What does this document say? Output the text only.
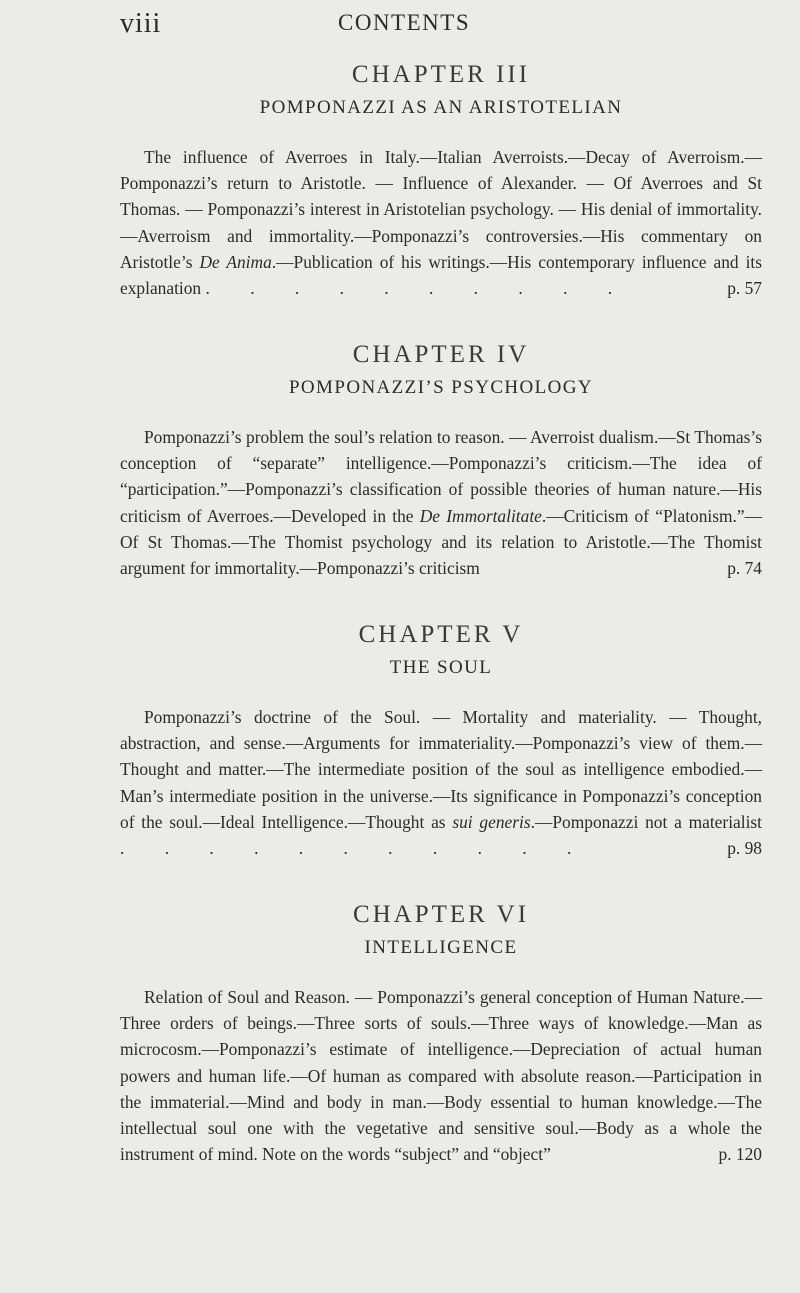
viii	CONTENTS
CHAPTER III
POMPONAZZI AS AN ARISTOTELIAN

The influence of Averroes in Italy.—Italian Averroists.—Decay of Averroism.—Pomponazzi’s return to Aristotle. — Influence of Alexander. — Of Averroes and St Thomas. — Pomponazzi’s interest in Aristotelian psychology. — His denial of immortality.—Averroism and immortality.—Pomponazzi’s controversies.—His commentary on Aristotle’s De Anima.—Publication of his writings.—His contemporary influence and its explanation . . . . . . . . . .	p. 57

CHAPTER IV
POMPONAZZI’S PSYCHOLOGY

Pomponazzi’s problem the soul’s relation to reason. — Averroist dualism.—St Thomas’s conception of “separate” intelligence.—Pomponazzi’s criticism.—The idea of “participation.”—Pomponazzi’s classification of possible theories of human nature.—His criticism of Averroes.—Developed in the De Immortalitate.—Criticism of “Platonism.”—Of St Thomas.—The Thomist psychology and its relation to Aristotle.—The Thomist argument for immortality.—Pomponazzi’s criticism	p. 74

CHAPTER V
THE SOUL

Pomponazzi’s doctrine of the Soul. — Mortality and materiality. — Thought, abstraction, and sense.—Arguments for immateriality.—Pomponazzi’s view of them.—Thought and matter.—The intermediate position of the soul as intelligence embodied.—Man’s intermediate position in the universe.—Its significance in Pomponazzi’s conception of the soul.—Ideal Intelligence.—Thought as sui generis.—Pomponazzi not a materialist . . . . . . . . . . .	p. 98

CHAPTER VI
INTELLIGENCE

Relation of Soul and Reason. — Pomponazzi’s general conception of Human Nature.—Three orders of beings.—Three sorts of souls.—Three ways of knowledge.—Man as microcosm.—Pomponazzi’s estimate of intelligence.—Depreciation of actual human powers and human life.—Of human as compared with absolute reason.—Participation in the immaterial.—Mind and body in man.—Body essential to human knowledge.—The intellectual soul one with the vegetative and sensitive soul.—Body as a whole the instrument of mind. Note on the words “subject” and “object”	p. 120
